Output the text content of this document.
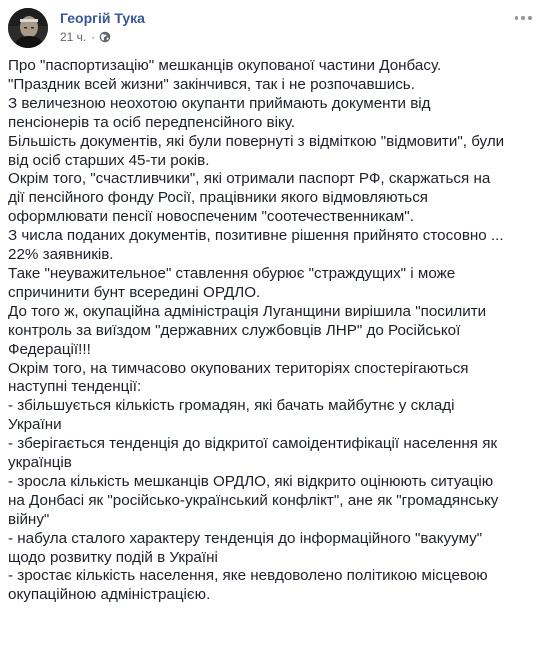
Георгій Тука
21 ч. ·

Про "паспортизацію" мешканців окупованої частини Донбасу.

"Праздник всей жизни" закінчився, так і не розпочавшись.

З величезною неохотою окупанти приймають документи від
пенсіонерів та осіб передпенсійного віку.

Більшість документів, які були повернуті з відміткою "відмовити", були
від осіб старших 45-ти років.

Окрім того, "счастливчики", які отримали паспорт РФ, скаржаться на
дії пенсійного фонду Росії, працівники якого відмовляються
оформлювати пенсії новоспеченим "соотечественникам".

З числа поданих документів, позитивне рішення прийнято стосовно ...
22% заявників.

Таке "неуважительное" ставлення обурює "страждущих" і може
спричинити бунт всередині ОРДЛО.

До того ж, окупаційна адміністрація Луганщини вирішила "посилити
контроль за виїздом "державних службовців ЛНР" до Російської
Федерації!!!

Окрім того, на тимчасово окупованих територіях спостерігаються
наступні тенденції:

- збільшується кількість громадян, які бачать майбутнє у складі
України

- зберігається тенденція до відкритої самоідентифікації населення як
українців

- зросла кількість мешканців ОРДЛО, які відкрито оцінюють ситуацію
на Донбасі як "російсько-український конфлікт", ане як "громадянську
війну"

- набула сталого характеру тенденція до інформаційного "вакууму"
щодо розвитку подій в Україні

- зростає кількість населення, яке невдоволено політикою місцевою
окупаційною адміністрацією.
